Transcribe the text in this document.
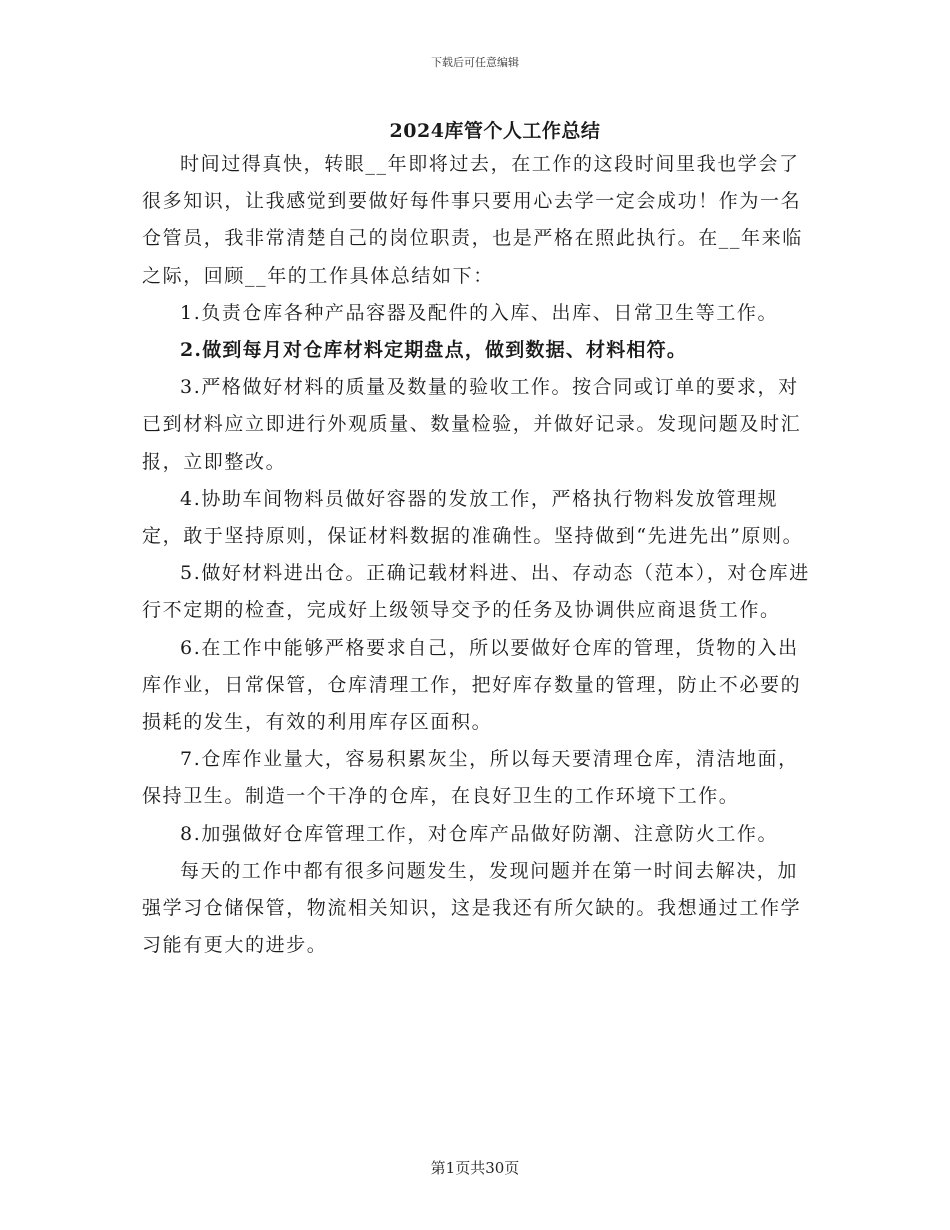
下载后可任意编辑
2024库管个人工作总结

时间过得真快，转眼__年即将过去，在工作的这段时间里我也学会了很多知识，让我感觉到要做好每件事只要用心去学一定会成功！作为一名仓管员，我非常清楚自己的岗位职责，也是严格在照此执行。在__年来临之际，回顾__年的工作具体总结如下：

1.负责仓库各种产品容器及配件的入库、出库、日常卫生等工作。

2.做到每月对仓库材料定期盘点，做到数据、材料相符。

3.严格做好材料的质量及数量的验收工作。按合同或订单的要求，对已到材料应立即进行外观质量、数量检验，并做好记录。发现问题及时汇报，立即整改。

4.协助车间物料员做好容器的发放工作，严格执行物料发放管理规定，敢于坚持原则，保证材料数据的准确性。坚持做到“先进先出”原则。

5.做好材料进出仓。正确记载材料进、出、存动态（范本），对仓库进行不定期的检查，完成好上级领导交予的任务及协调供应商退货工作。

6.在工作中能够严格要求自己，所以要做好仓库的管理，货物的入出库作业，日常保管，仓库清理工作，把好库存数量的管理，防止不必要的损耗的发生，有效的利用库存区面积。

7.仓库作业量大，容易积累灰尘，所以每天要清理仓库，清洁地面，保持卫生。制造一个干净的仓库，在良好卫生的工作环境下工作。

8.加强做好仓库管理工作，对仓库产品做好防潮、注意防火工作。

每天的工作中都有很多问题发生，发现问题并在第一时间去解决，加强学习仓储保管，物流相关知识，这是我还有所欠缺的。我想通过工作学习能有更大的进步。

第1页共30页
